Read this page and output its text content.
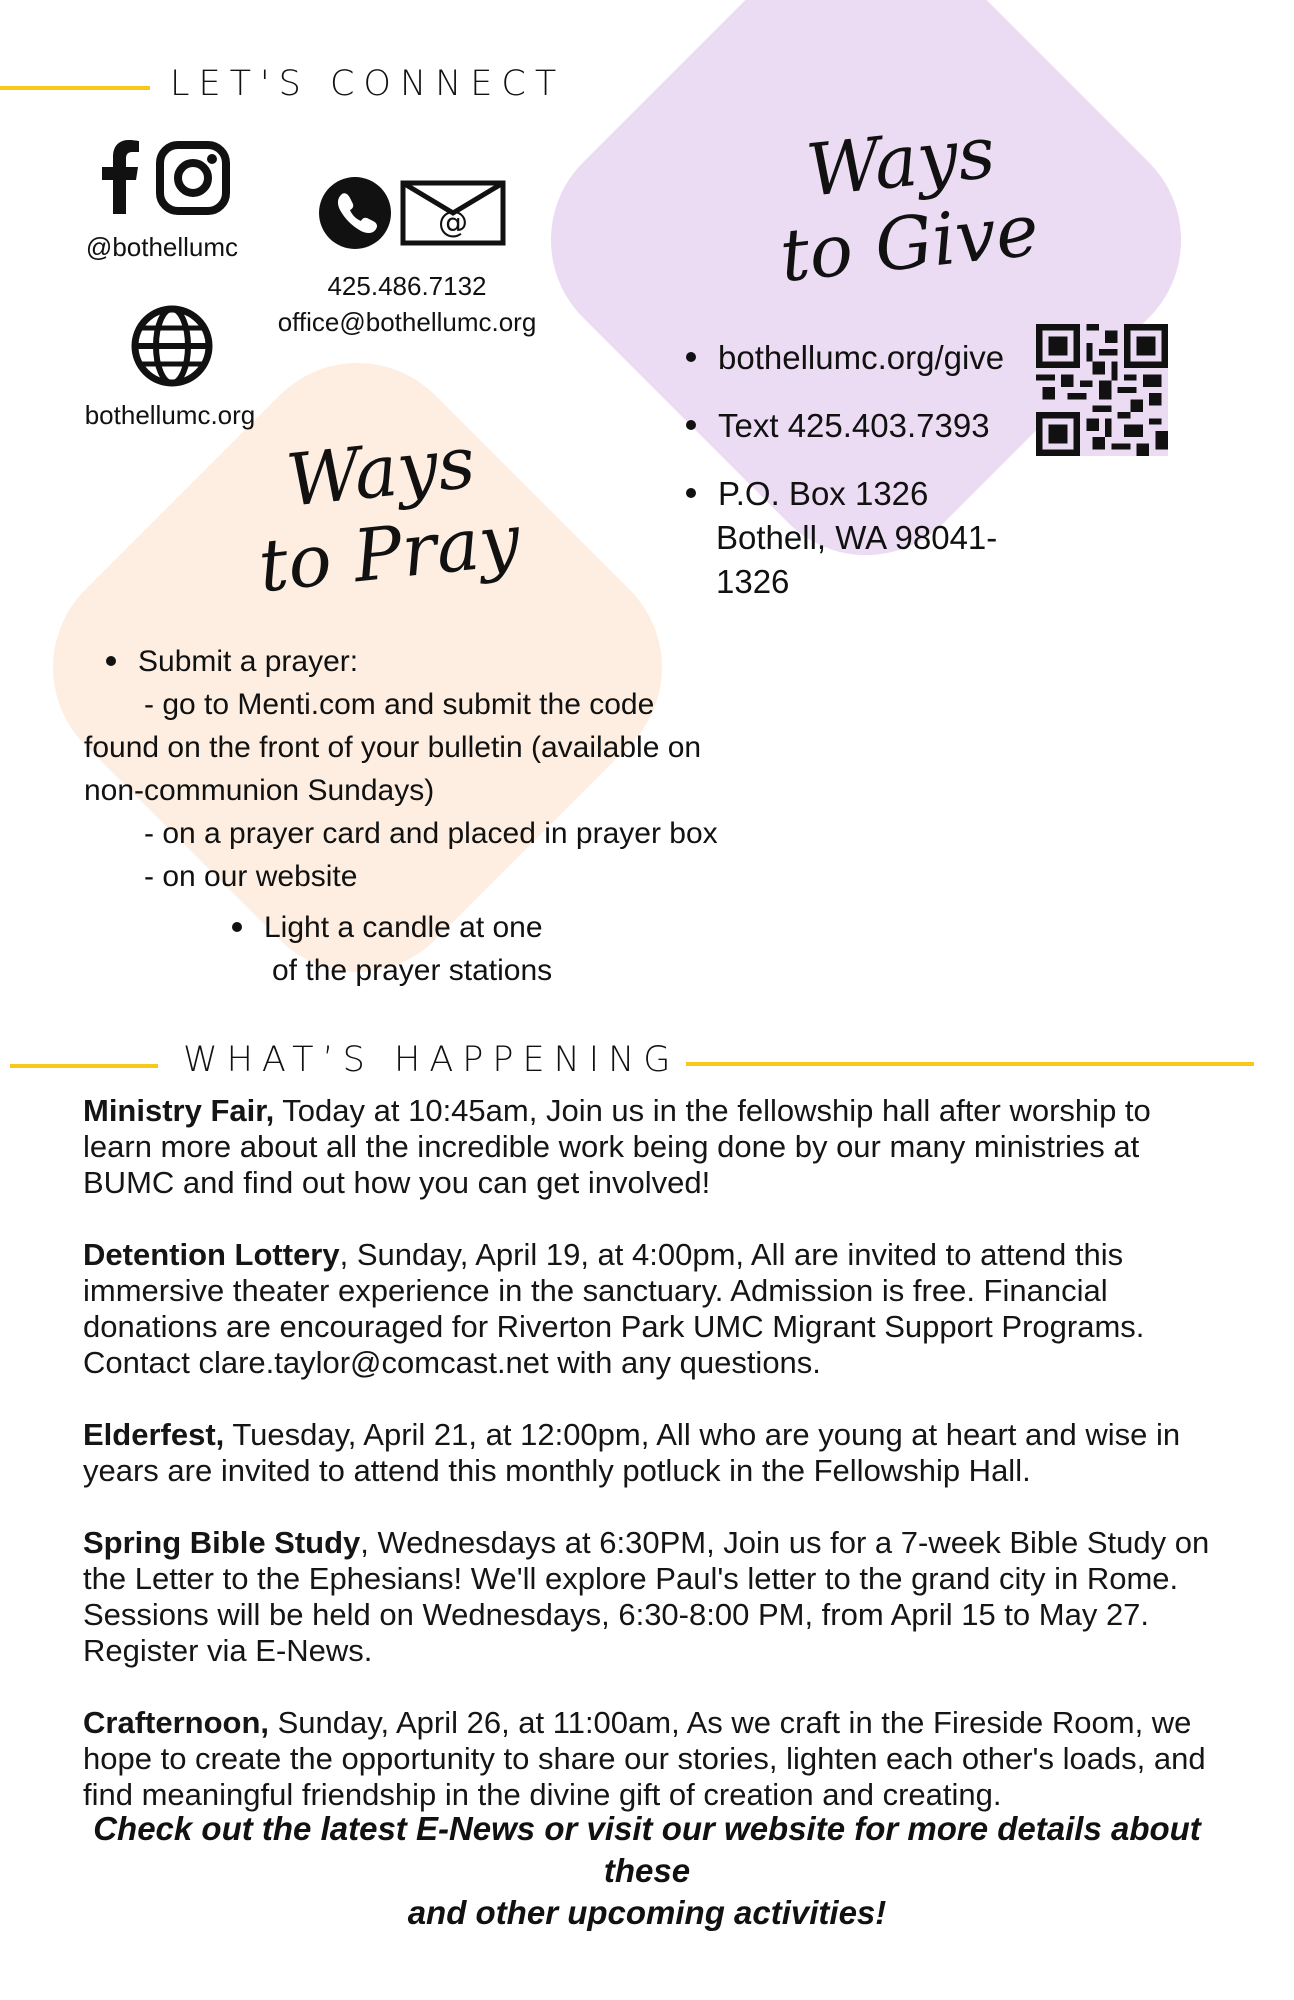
LET'S CONNECT
@bothellumc
@
425.486.7132
office@bothellumc.org
bothellumc.org
Ways
to Give
bothellumc.org/give
Text 425.403.7393
P.O. Box 1326
Bothell, WA 98041-1326
Ways
to Pray
Submit a prayer:
- go to Menti.com and submit the code
found on the front of your bulletin (available on
non-communion Sundays)
- on a prayer card and placed in prayer box
- on our website
Light a candle at one
of the prayer stations
WHAT’S HAPPENING
Ministry Fair, Today at 10:45am, Join us in the fellowship hall after worship to learn more about all the incredible work being done by our many ministries at BUMC and find out how you can get involved!
Detention Lottery, Sunday, April 19, at 4:00pm, All are invited to attend this immersive theater experience in the sanctuary. Admission is free. Financial donations are encouraged for Riverton Park UMC Migrant Support Programs. Contact clare.taylor@comcast.net with any questions.
Elderfest, Tuesday, April 21, at 12:00pm, All who are young at heart and wise in years are invited to attend this monthly potluck in the Fellowship Hall.
Spring Bible Study, Wednesdays at 6:30PM, Join us for a 7-week Bible Study on the Letter to the Ephesians! We'll explore Paul's letter to the grand city in Rome. Sessions will be held on Wednesdays, 6:30-8:00 PM, from April 15 to May 27. Register via E-News.
Crafternoon, Sunday, April 26, at 11:00am, As we craft in the Fireside Room, we hope to create the opportunity to share our stories, lighten each other's loads, and find meaningful friendship in the divine gift of creation and creating.
Check out the latest E-News or visit our website for more details about these
and other upcoming activities!
